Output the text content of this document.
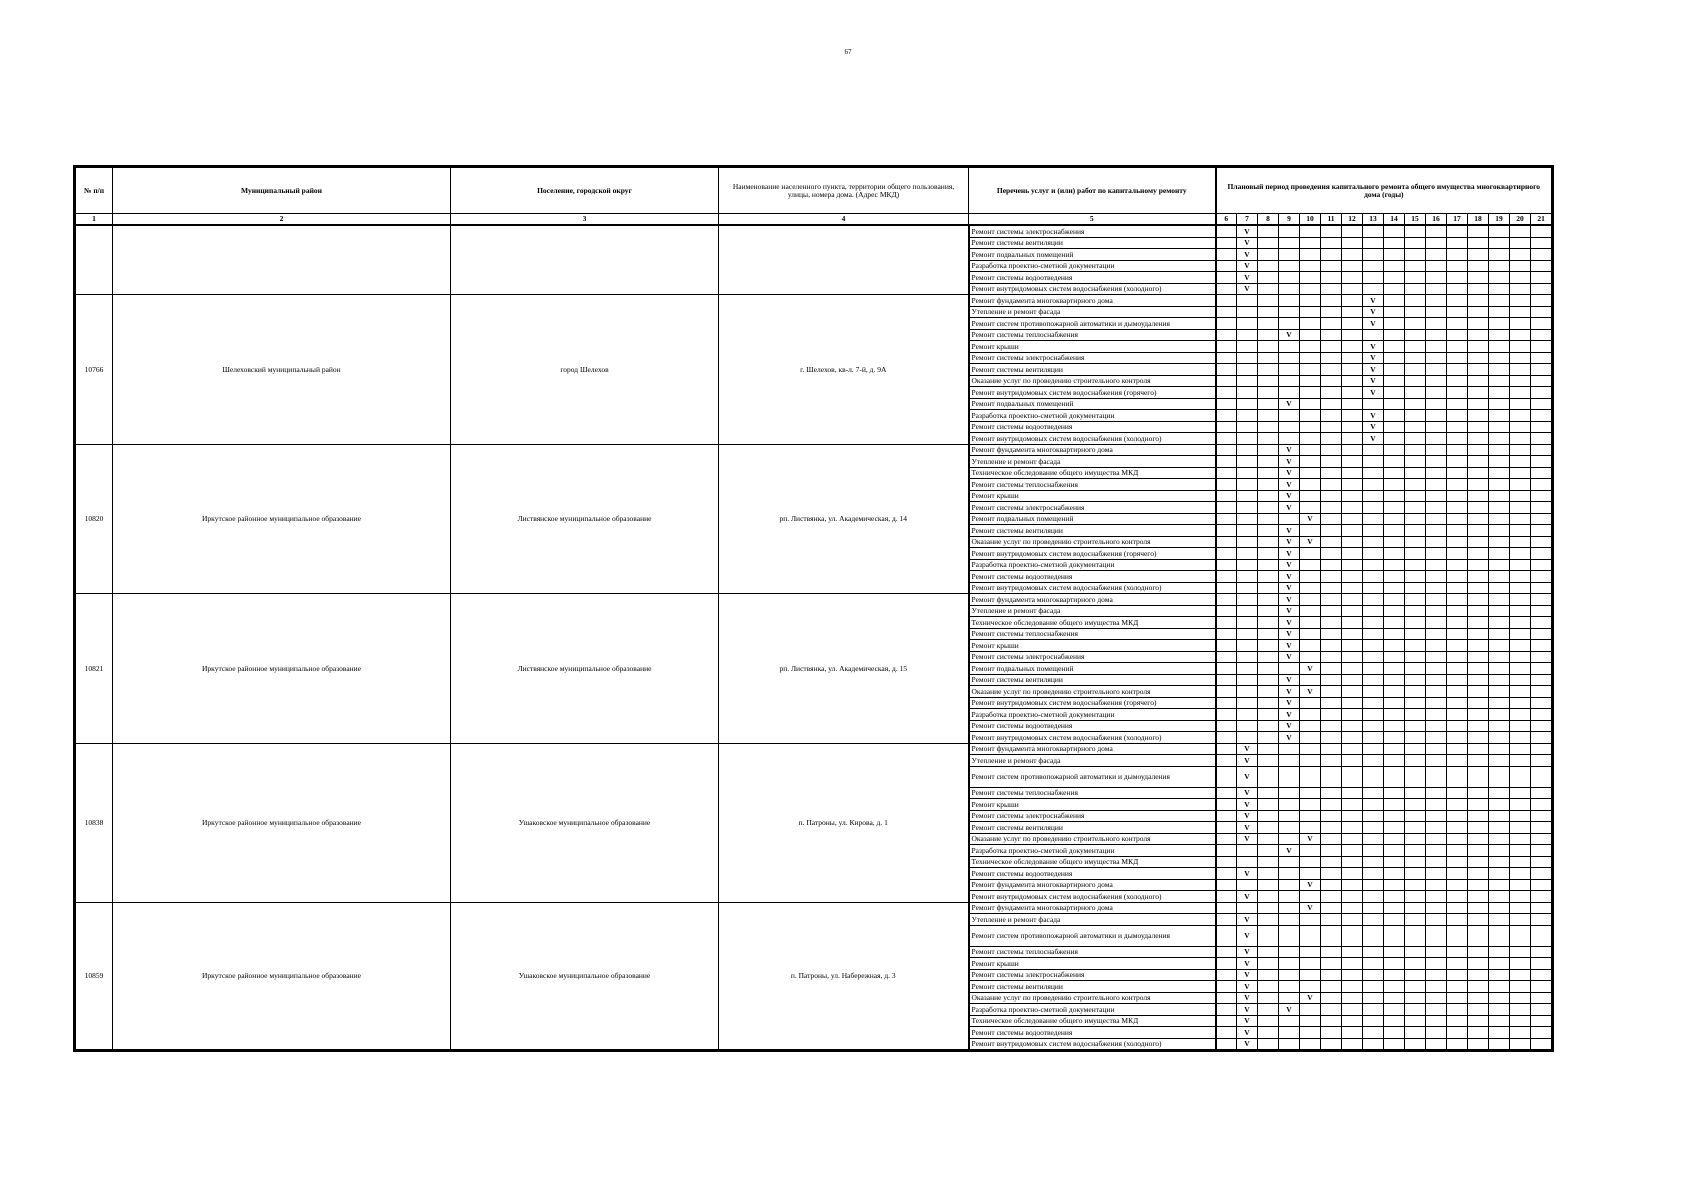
67
№ п/п	Муниципальный район	Поселение, городской округ	Наименование населенного пункта, территории общего пользования, улицы, номера дома. (Адрес МКД)	Перечень услуг и (или) работ по капитальному ремонту	Плановый период проведения капитального ремонта общего имущества многоквартирного дома (годы)															
1	2	3	4	5	6	7	8	9	10	11	12	13	14	15	16	17	18	19	20	21
				Ремонт системы электроснабжения		V														
				Ремонт системы вентиляции		V														
				Ремонт подвальных помещений		V														
				Разработка проектно-сметной документации		V														
				Ремонт системы водоотведения		V														
				Ремонт внутридомовых систем водоснабжения (холодного)		V														
10766	Шелеховский муниципальный район	город Шелехов	г. Шелехов, кв-л. 7-й, д. 9А	Ремонт фундамента многоквартирного дома								V								
				Утепление и ремонт фасада								V								
				Ремонт систем противопожарной автоматики и дымоудаления								V								
				Ремонт системы теплоснабжения				V												
				Ремонт крыши								V								
				Ремонт системы электроснабжения								V								
				Ремонт системы вентиляции								V								
				Оказание услуг по проведению строительного контроля								V								
				Ремонт внутридомовых систем водоснабжения (горячего)								V								
				Ремонт подвальных помещений				V												
				Разработка проектно-сметной документации								V								
				Ремонт системы водоотведения								V								
				Ремонт внутридомовых систем водоснабжения (холодного)								V								
10820	Иркутское районное муниципальное образование	Листвянское муниципальное образование	рп. Листвянка, ул. Академическая, д. 14	Ремонт фундамента многоквартирного дома				V												
				Утепление и ремонт фасада				V												
				Техническое обследование общего имущества МКД				V												
				Ремонт системы теплоснабжения				V												
				Ремонт крыши				V												
				Ремонт системы электроснабжения				V												
				Ремонт подвальных помещений					V											
				Ремонт системы вентиляции				V												
				Оказание услуг по проведению строительного контроля				V	V											
				Ремонт внутридомовых систем водоснабжения (горячего)				V												
				Разработка проектно-сметной документации				V												
				Ремонт системы водоотведения				V												
				Ремонт внутридомовых систем водоснабжения (холодного)				V												
10821	Иркутское районное муниципальное образование	Листвянское муниципальное образование	рп. Листвянка, ул. Академическая, д. 15	Ремонт фундамента многоквартирного дома				V												
				Утепление и ремонт фасада				V												
				Техническое обследование общего имущества МКД				V												
				Ремонт системы теплоснабжения				V												
				Ремонт крыши				V												
				Ремонт системы электроснабжения				V												
				Ремонт подвальных помещений					V											
				Ремонт системы вентиляции				V												
				Оказание услуг по проведению строительного контроля				V	V											
				Ремонт внутридомовых систем водоснабжения (горячего)				V												
				Разработка проектно-сметной документации				V												
				Ремонт системы водоотведения				V												
				Ремонт внутридомовых систем водоснабжения (холодного)				V												
10838	Иркутское районное муниципальное образование	Ушаковское муниципальное образование	п. Патроны, ул. Кирова, д. 1	Ремонт фундамента многоквартирного дома		V														
				Утепление и ремонт фасада		V														
				Ремонт систем противопожарной автоматики и дымоудаления		V														
				Ремонт системы теплоснабжения		V														
				Ремонт крыши		V														
				Ремонт системы электроснабжения		V														
				Ремонт системы вентиляции		V														
				Оказание услуг по проведению строительного контроля		V			V											
				Разработка проектно-сметной документации				V												
				Техническое обследование общего имущества МКД																
				Ремонт системы водоотведения		V														
				Ремонт фундамента многоквартирного дома					V											
				Ремонт внутридомовых систем водоснабжения (холодного)		V														
10859	Иркутское районное муниципальное образование	Ушаковское муниципальное образование	п. Патроны, ул. Набережная, д. 3	Ремонт фундамента многоквартирного дома					V											
				Утепление и ремонт фасада		V														
				Ремонт систем противопожарной автоматики и дымоудаления		V														
				Ремонт системы теплоснабжения		V														
				Ремонт крыши		V														
				Ремонт системы электроснабжения		V														
				Ремонт системы вентиляции		V														
				Оказание услуг по проведению строительного контроля		V			V											
				Разработка проектно-сметной документации		V		V												
				Техническое обследование общего имущества МКД		V														
				Ремонт системы водоотведения		V														
				Ремонт внутридомовых систем водоснабжения (холодного)		V														
